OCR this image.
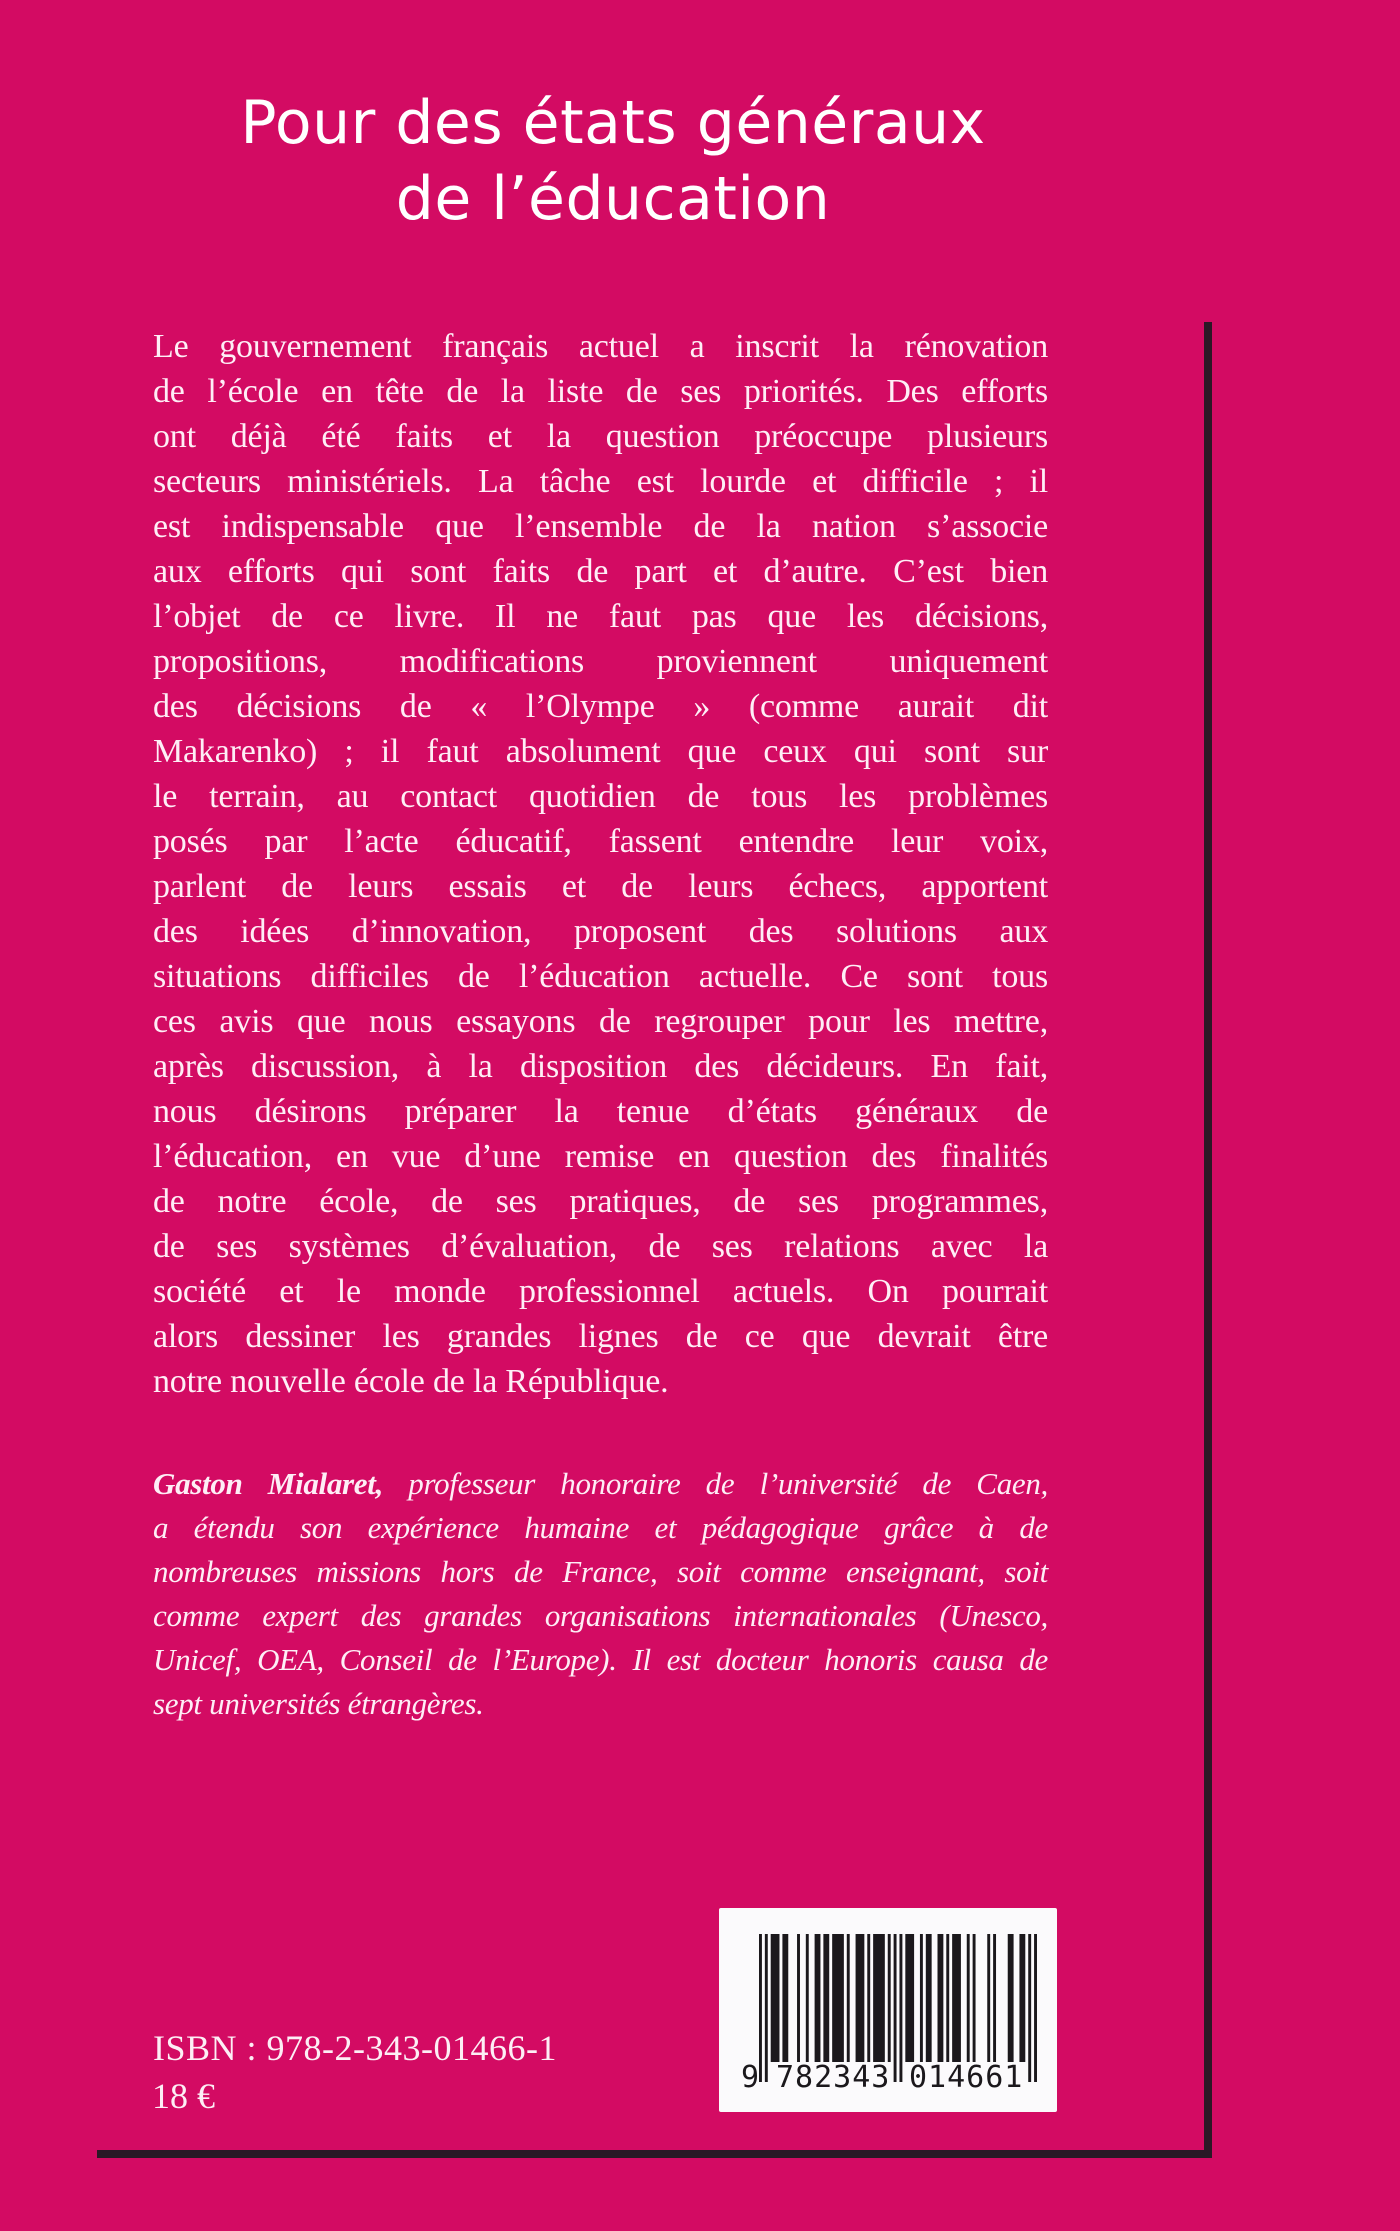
Pour des états généraux
de l’éducation
Le gouvernement français actuel a inscrit la rénovation
de l’école en tête de la liste de ses priorités. Des efforts
ont déjà été faits et la question préoccupe plusieurs
secteurs ministériels. La tâche est lourde et difficile ; il
est indispensable que l’ensemble de la nation s’associe
aux efforts qui sont faits de part et d’autre. C’est bien
l’objet de ce livre. Il ne faut pas que les décisions,
propositions, modifications proviennent uniquement
des décisions de « l’Olympe » (comme aurait dit
Makarenko) ; il faut absolument que ceux qui sont sur
le terrain, au contact quotidien de tous les problèmes
posés par l’acte éducatif, fassent entendre leur voix,
parlent de leurs essais et de leurs échecs, apportent
des idées d’innovation, proposent des solutions aux
situations difficiles de l’éducation actuelle. Ce sont tous
ces avis que nous essayons de regrouper pour les mettre,
après discussion, à la disposition des décideurs. En fait,
nous désirons préparer la tenue d’états généraux de
l’éducation, en vue d’une remise en question des finalités
de notre école, de ses pratiques, de ses programmes,
de ses systèmes d’évaluation, de ses relations avec la
société et le monde professionnel actuels. On pourrait
alors dessiner les grandes lignes de ce que devrait être
notre nouvelle école de la République.
Gaston Mialaret, professeur honoraire de l’université de Caen,
a étendu son expérience humaine et pédagogique grâce à de
nombreuses missions hors de France, soit comme enseignant, soit
comme expert des grandes organisations internationales (Unesco,
Unicef, OEA, Conseil de l’Europe). Il est docteur honoris causa de
sept universités étrangères.
9 782343 014661
ISBN : 978-2-343-01466-1
18 €
